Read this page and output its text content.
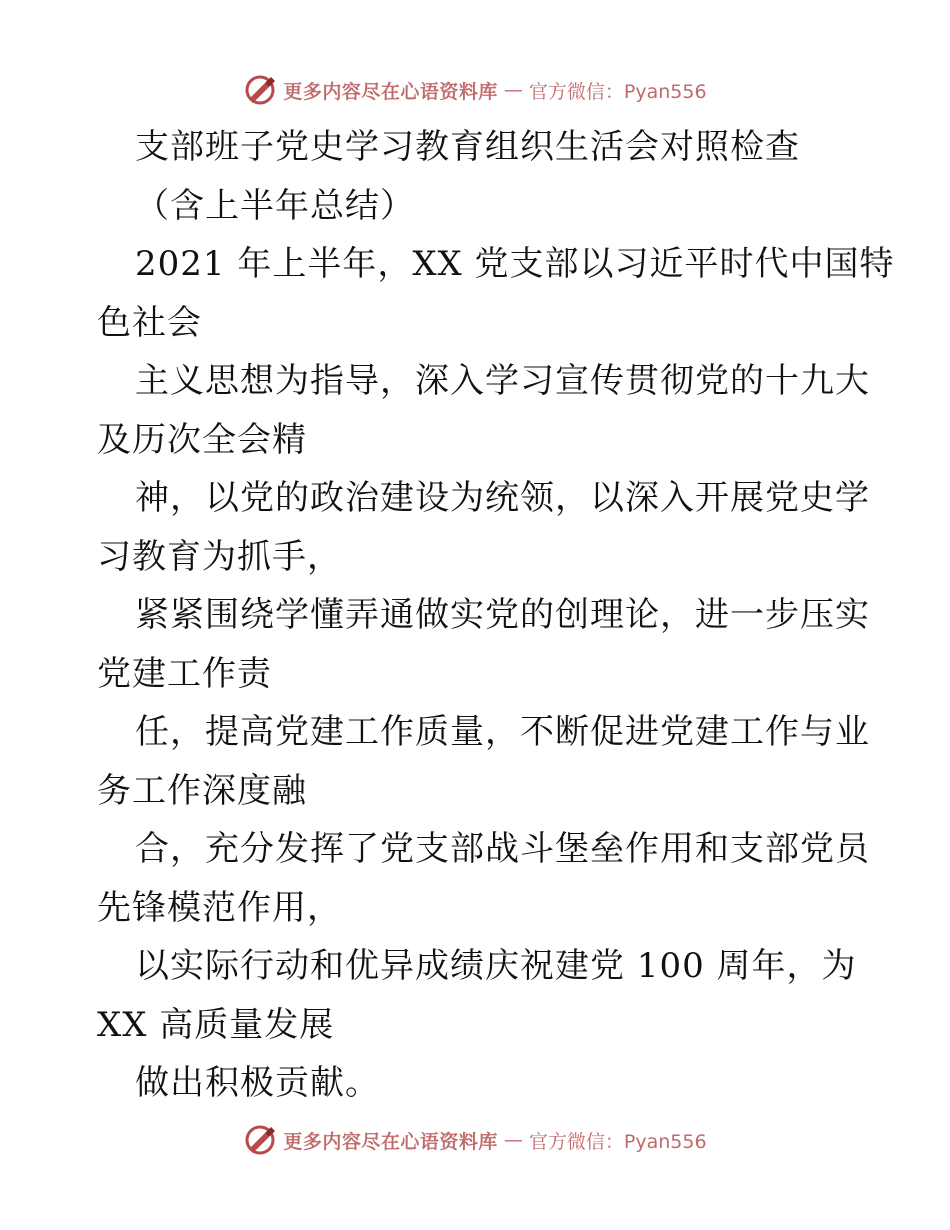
更多内容尽在心语资料库 — 官方微信：Pyan556
支部班子党史学习教育组织生活会对照检查
（含上半年总结）
2021 年上半年，XX 党支部以习近平时代中国特
色社会
主义思想为指导，深入学习宣传贯彻党的十九大
及历次全会精
神，以党的政治建设为统领，以深入开展党史学
习教育为抓手，
紧紧围绕学懂弄通做实党的创理论，进一步压实
党建工作责
任，提高党建工作质量，不断促进党建工作与业
务工作深度融
合，充分发挥了党支部战斗堡垒作用和支部党员
先锋模范作用，
以实际行动和优异成绩庆祝建党 100 周年，为
XX 高质量发展
做出积极贡献。
更多内容尽在心语资料库 — 官方微信：Pyan556
